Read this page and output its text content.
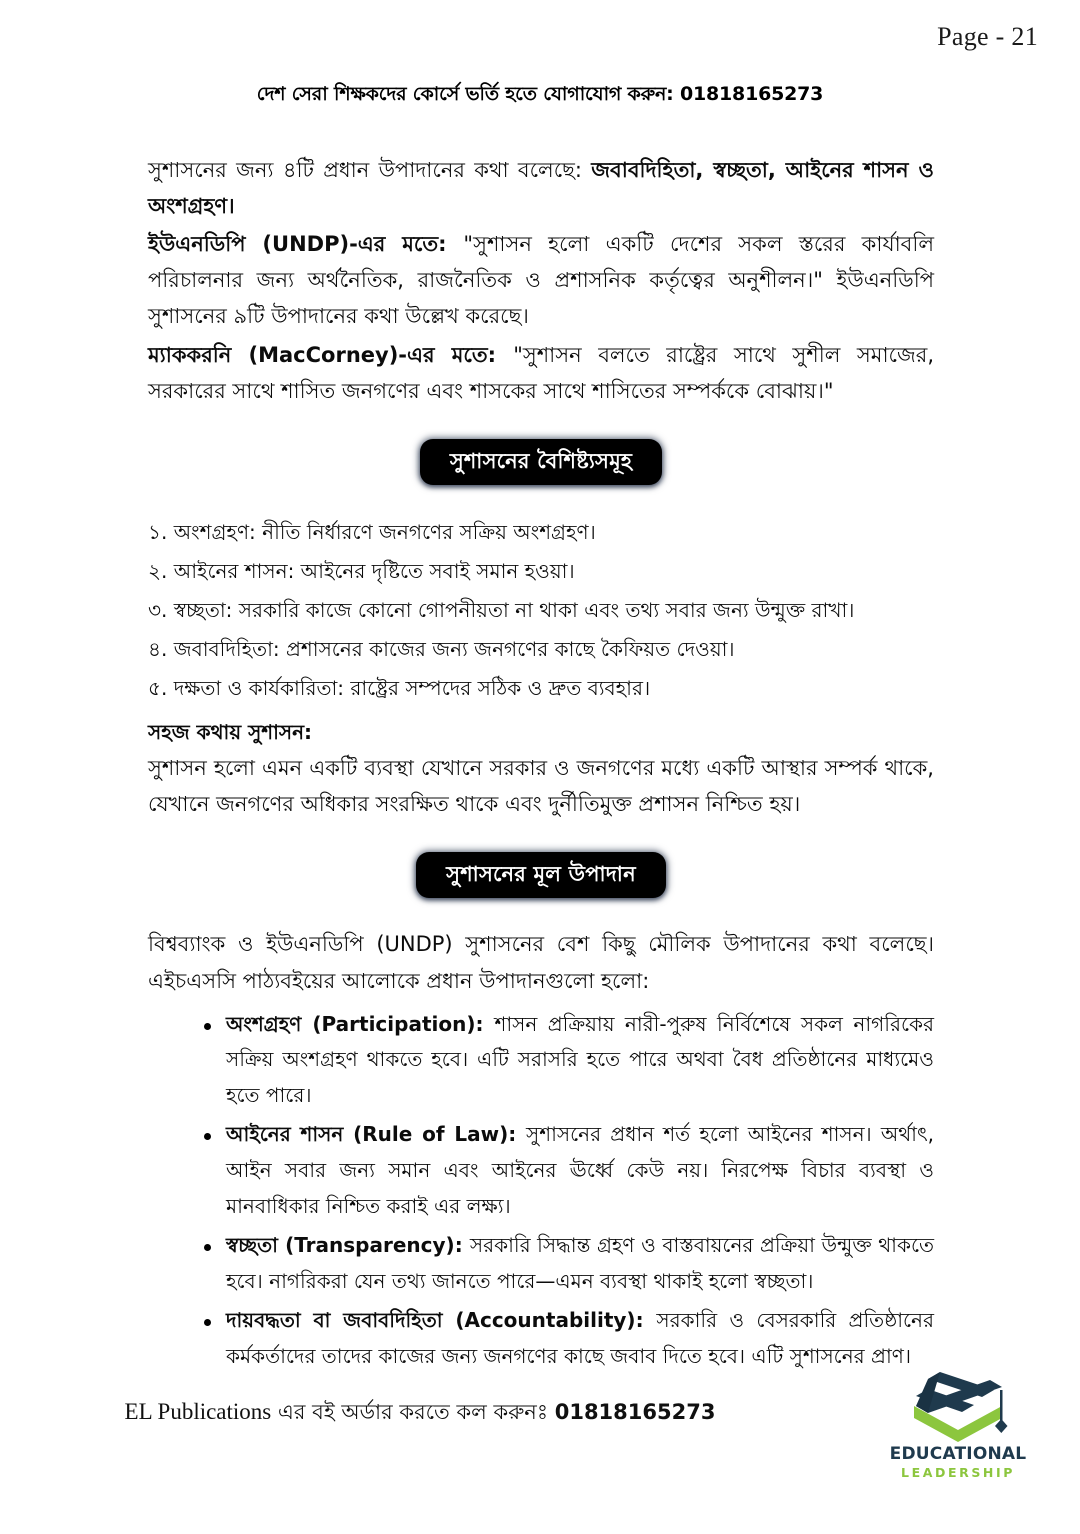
Page - 21
দেশ সেরা শিক্ষকদের কোর্সে ভর্তি হতে যোগাযোগ করুন: 01818165273

সুশাসনের জন্য ৪টি প্রধান উপাদানের কথা বলেছে: জবাবদিহিতা, স্বচ্ছতা, আইনের শাসন ও অংশগ্রহণ।

ইউএনডিপি (UNDP)-এর মতে: "সুশাসন হলো একটি দেশের সকল স্তরের কার্যাবলি পরিচালনার জন্য অর্থনৈতিক, রাজনৈতিক ও প্রশাসনিক কর্তৃত্বের অনুশীলন।" ইউএনডিপি সুশাসনের ৯টি উপাদানের কথা উল্লেখ করেছে।

ম্যাককরনি (MacCorney)-এর মতে: "সুশাসন বলতে রাষ্ট্রের সাথে সুশীল সমাজের, সরকারের সাথে শাসিত জনগণের এবং শাসকের সাথে শাসিতের সম্পর্ককে বোঝায়।"

সুশাসনের বৈশিষ্ট্যসমূহ
১. অংশগ্রহণ: নীতি নির্ধারণে জনগণের সক্রিয় অংশগ্রহণ।
২. আইনের শাসন: আইনের দৃষ্টিতে সবাই সমান হওয়া।
৩. স্বচ্ছতা: সরকারি কাজে কোনো গোপনীয়তা না থাকা এবং তথ্য সবার জন্য উন্মুক্ত রাখা।
৪. জবাবদিহিতা: প্রশাসনের কাজের জন্য জনগণের কাছে কৈফিয়ত দেওয়া।
৫. দক্ষতা ও কার্যকারিতা: রাষ্ট্রের সম্পদের সঠিক ও দ্রুত ব্যবহার।
সহজ কথায় সুশাসন:

সুশাসন হলো এমন একটি ব্যবস্থা যেখানে সরকার ও জনগণের মধ্যে একটি আস্থার সম্পর্ক থাকে, যেখানে জনগণের অধিকার সংরক্ষিত থাকে এবং দুর্নীতিমুক্ত প্রশাসন নিশ্চিত হয়।

সুশাসনের মূল উপাদান

বিশ্বব্যাংক ও ইউএনডিপি (UNDP) সুশাসনের বেশ কিছু মৌলিক উপাদানের কথা বলেছে। এইচএসসি পাঠ্যবইয়ের আলোকে প্রধান উপাদানগুলো হলো:

অংশগ্রহণ (Participation): শাসন প্রক্রিয়ায় নারী-পুরুষ নির্বিশেষে সকল নাগরিকের সক্রিয় অংশগ্রহণ থাকতে হবে। এটি সরাসরি হতে পারে অথবা বৈধ প্রতিষ্ঠানের মাধ্যমেও হতে পারে।
আইনের শাসন (Rule of Law): সুশাসনের প্রধান শর্ত হলো আইনের শাসন। অর্থাৎ, আইন সবার জন্য সমান এবং আইনের ঊর্ধ্বে কেউ নয়। নিরপেক্ষ বিচার ব্যবস্থা ও মানবাধিকার নিশ্চিত করাই এর লক্ষ্য।
স্বচ্ছতা (Transparency): সরকারি সিদ্ধান্ত গ্রহণ ও বাস্তবায়নের প্রক্রিয়া উন্মুক্ত থাকতে হবে। নাগরিকরা যেন তথ্য জানতে পারে—এমন ব্যবস্থা থাকাই হলো স্বচ্ছতা।
দায়বদ্ধতা বা জবাবদিহিতা (Accountability): সরকারি ও বেসরকারি প্রতিষ্ঠানের কর্মকর্তাদের তাদের কাজের জন্য জনগণের কাছে জবাব দিতে হবে। এটি সুশাসনের প্রাণ।
EL Publications এর বই অর্ডার করতে কল করুনঃ 01818165273
EDUCATIONAL
LEADERSHIP
